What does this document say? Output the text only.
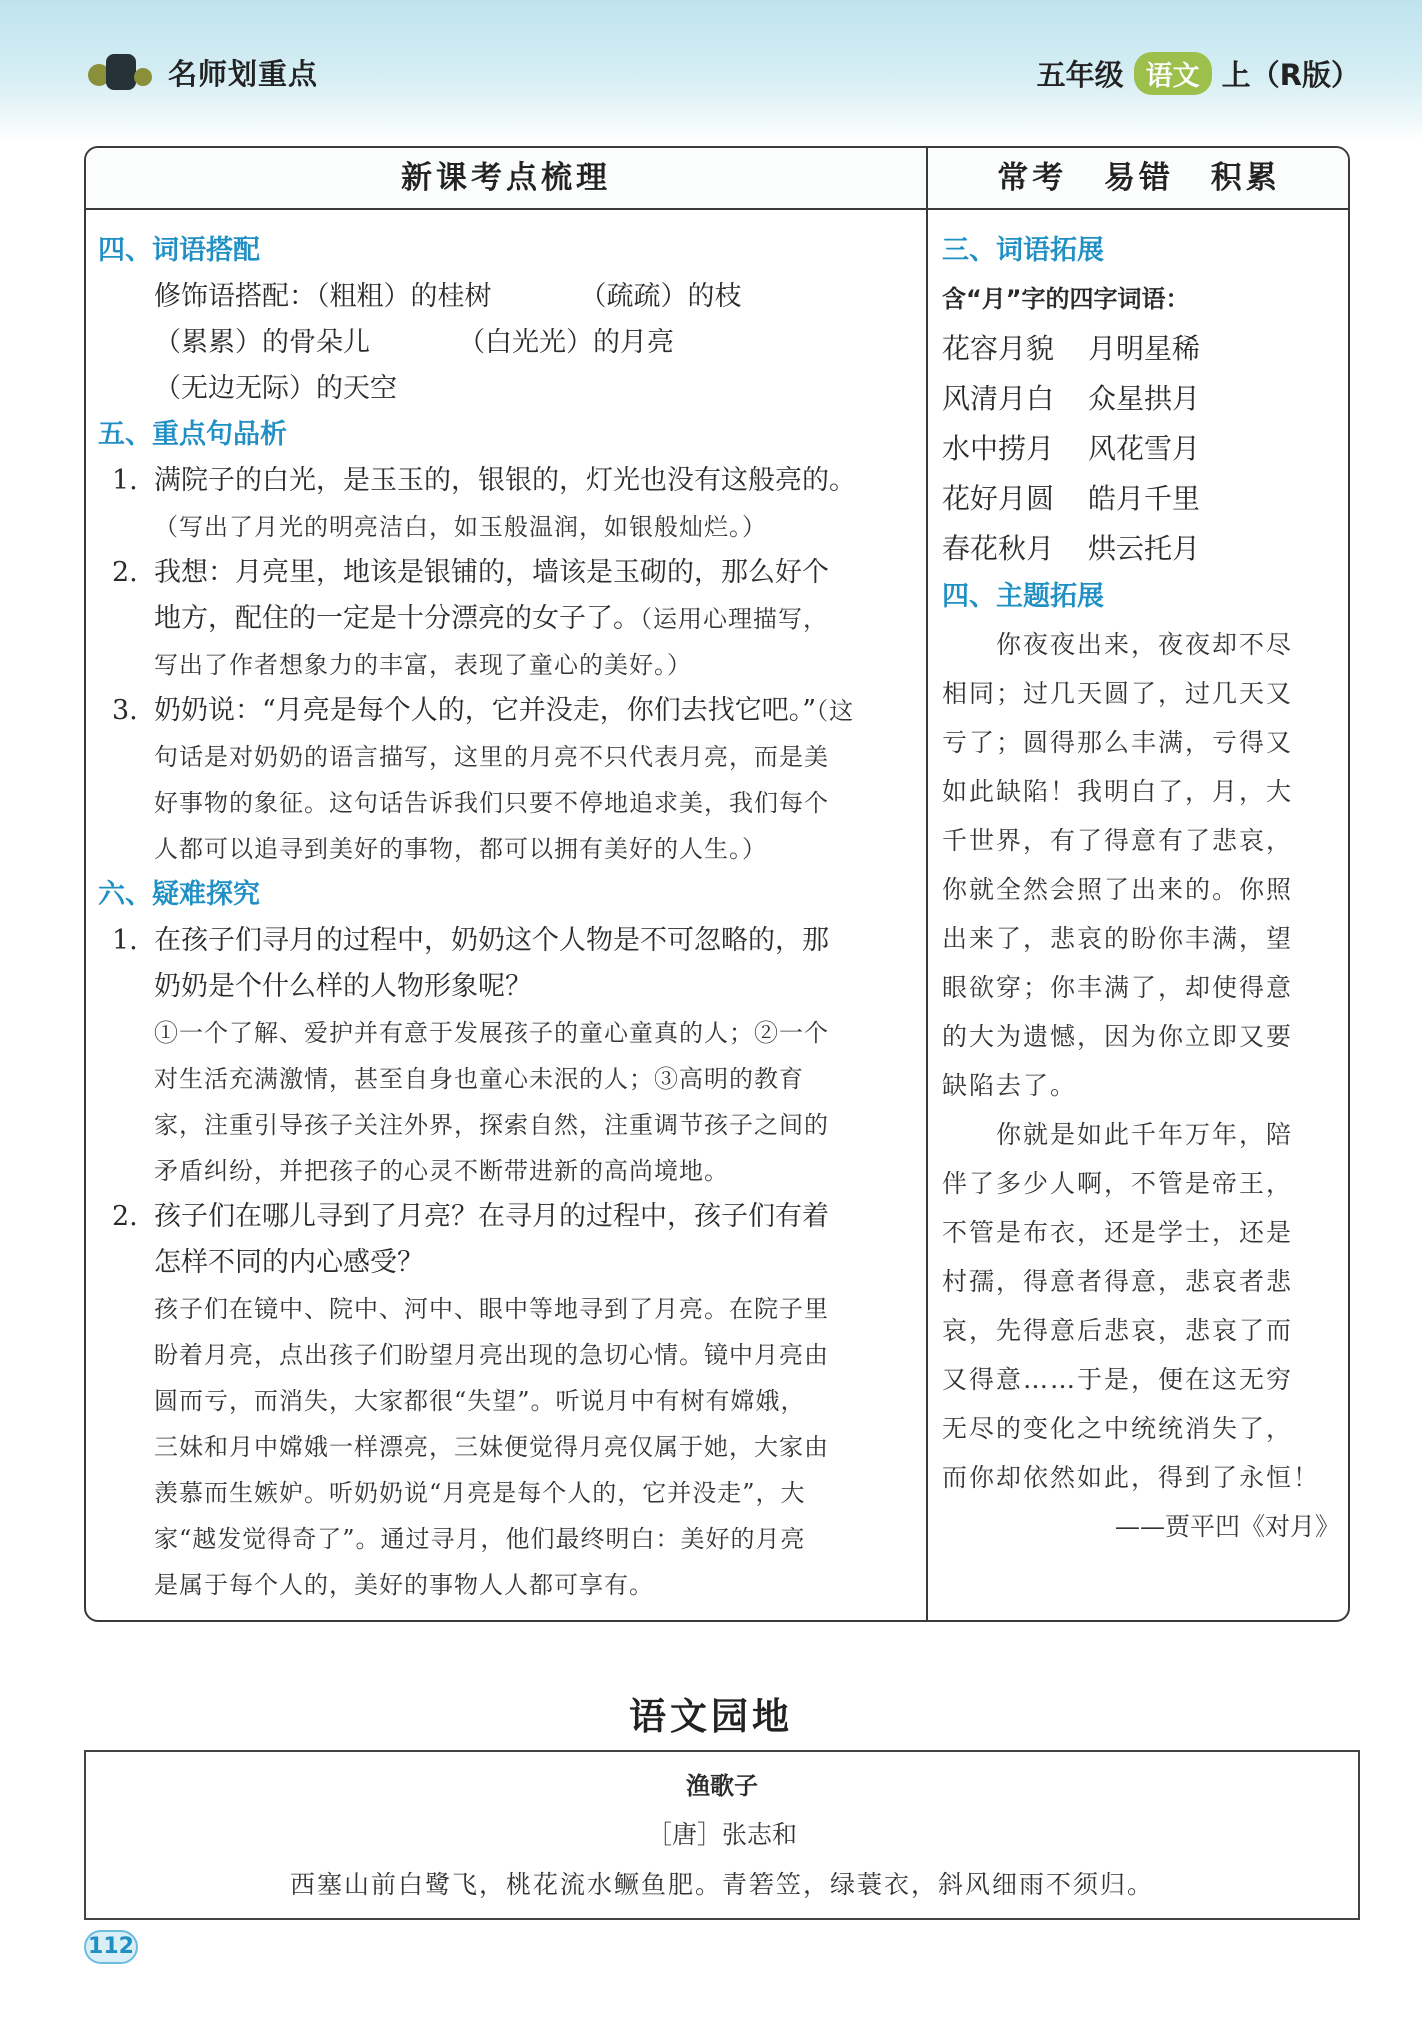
名师划重点	五年级 语文 上（R版）
新课考点梳理	常考 易错 积累
四、词语搭配
修饰语搭配：（粗粗）的桂树	（疏疏）的枝
（累累）的骨朵儿	（白光光）的月亮
（无边无际）的天空
五、重点句品析
1. 满院子的白光，是玉玉的，银银的，灯光也没有这般亮的。
（写出了月光的明亮洁白，如玉般温润，如银般灿烂。）
2. 我想：月亮里，地该是银铺的，墙该是玉砌的，那么好个
地方，配住的一定是十分漂亮的女子了。（运用心理描写，
写出了作者想象力的丰富，表现了童心的美好。）
3. 奶奶说：“月亮是每个人的，它并没走，你们去找它吧。”（这
句话是对奶奶的语言描写，这里的月亮不只代表月亮，而是美
好事物的象征。这句话告诉我们只要不停地追求美，我们每个
人都可以追寻到美好的事物，都可以拥有美好的人生。）
六、疑难探究
1. 在孩子们寻月的过程中，奶奶这个人物是不可忽略的，那
奶奶是个什么样的人物形象呢？
①一个了解、爱护并有意于发展孩子的童心童真的人；②一个
对生活充满激情，甚至自身也童心未泯的人；③高明的教育
家，注重引导孩子关注外界，探索自然，注重调节孩子之间的
矛盾纠纷，并把孩子的心灵不断带进新的高尚境地。
2. 孩子们在哪儿寻到了月亮？在寻月的过程中，孩子们有着
怎样不同的内心感受？
孩子们在镜中、院中、河中、眼中等地寻到了月亮。在院子里
盼着月亮，点出孩子们盼望月亮出现的急切心情。镜中月亮由
圆而亏，而消失，大家都很“失望”。听说月中有树有嫦娥，
三妹和月中嫦娥一样漂亮，三妹便觉得月亮仅属于她，大家由
羡慕而生嫉妒。听奶奶说“月亮是每个人的，它并没走”，大
家“越发觉得奇了”。通过寻月，他们最终明白：美好的月亮
是属于每个人的，美好的事物人人都可享有。
三、词语拓展
含“月”字的四字词语：
花容月貌	月明星稀
风清月白	众星拱月
水中捞月	风花雪月
花好月圆	皓月千里
春花秋月	烘云托月
四、主题拓展
　　你夜夜出来，夜夜却不尽
相同；过几天圆了，过几天又
亏了；圆得那么丰满，亏得又
如此缺陷！我明白了，月，大
千世界，有了得意有了悲哀，
你就全然会照了出来的。你照
出来了，悲哀的盼你丰满，望
眼欲穿；你丰满了，却使得意
的大为遗憾，因为你立即又要
缺陷去了。
　　你就是如此千年万年，陪
伴了多少人啊，不管是帝王，
不管是布衣，还是学士，还是
村孺，得意者得意，悲哀者悲
哀，先得意后悲哀，悲哀了而
又得意……于是，便在这无穷
无尽的变化之中统统消失了，
而你却依然如此，得到了永恒！
——贾平凹《对月》
语文园地
渔歌子
［唐］张志和
西塞山前白鹭飞，桃花流水鳜鱼肥。青箬笠，绿蓑衣，斜风细雨不须归。
112
